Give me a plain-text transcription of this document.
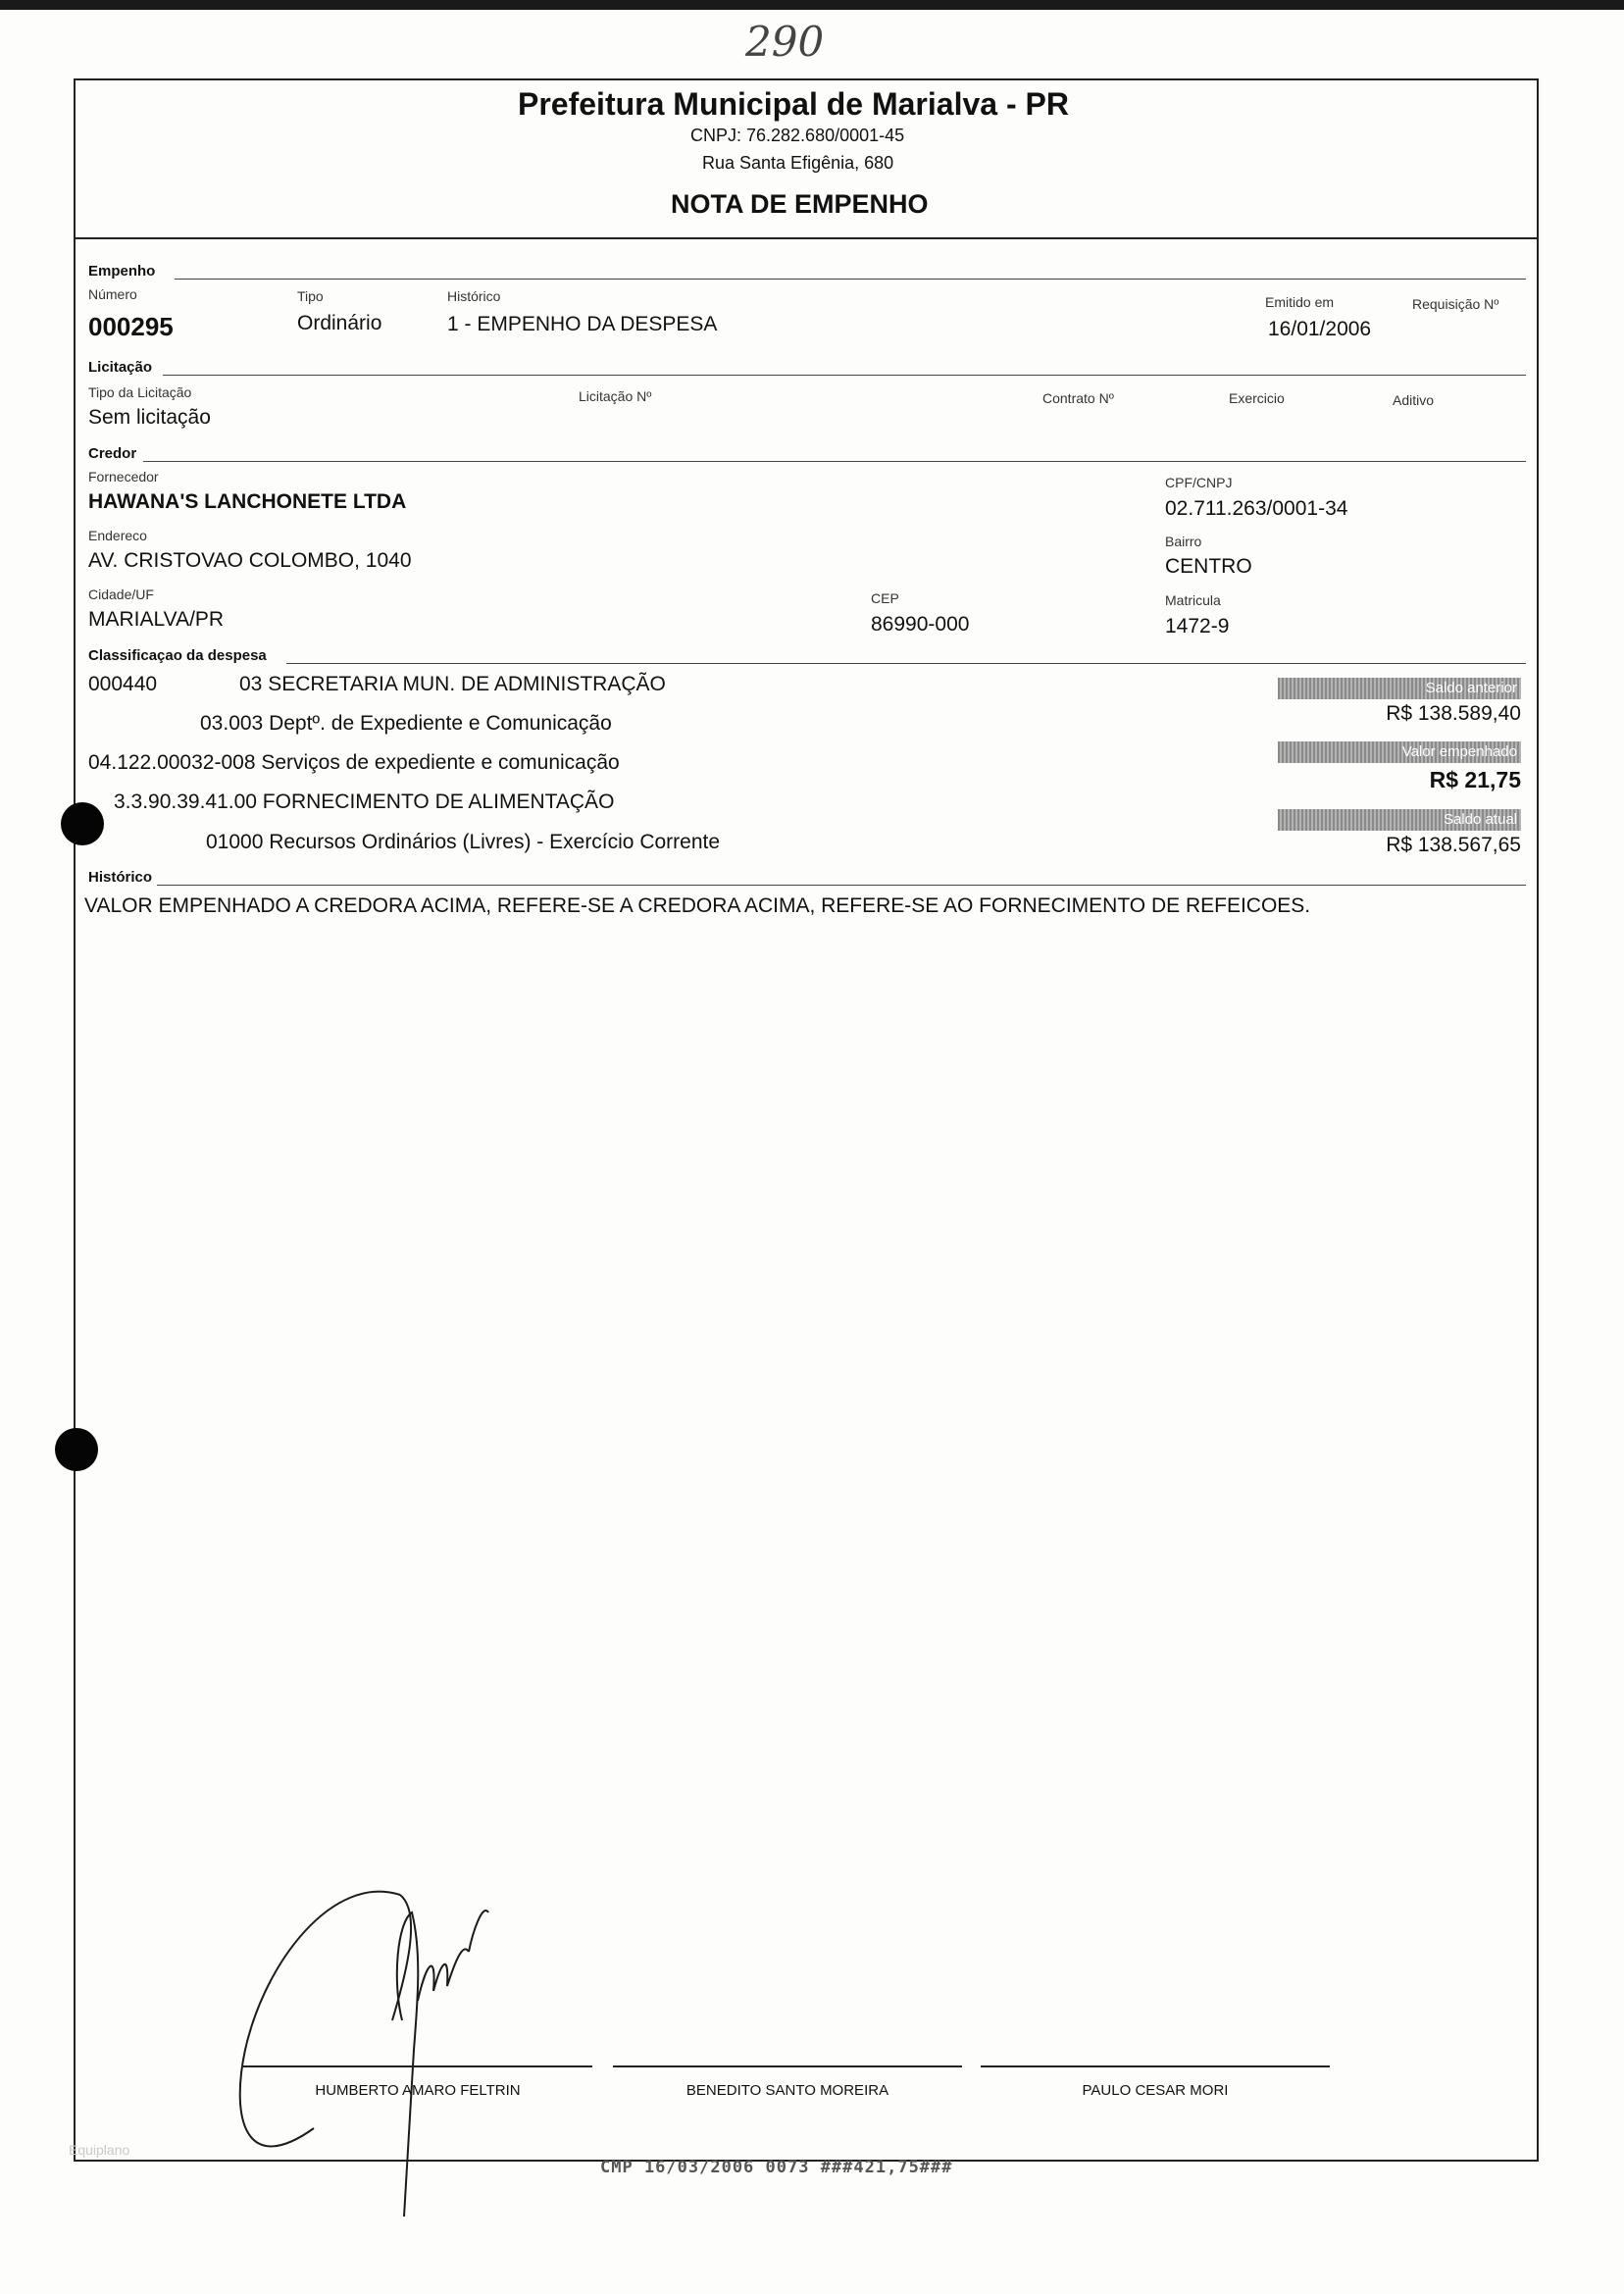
290
Prefeitura Municipal de Marialva - PR
CNPJ: 76.282.680/0001-45
Rua Santa Efigênia, 680
NOTA DE EMPENHO
Empenho
Número
000295
Tipo
Ordinário
Histórico
1 - EMPENHO DA DESPESA
Emitido em
16/01/2006
Requisição Nº
Licitação
Tipo da Licitação
Sem licitação
Licitação Nº	Contrato Nº	Exercicio	Aditivo
Credor
Fornecedor
HAWANA'S LANCHONETE LTDA
CPF/CNPJ
02.711.263/0001-34
Endereco
AV. CRISTOVAO COLOMBO, 1040
Bairro
CENTRO
Cidade/UF
MARIALVA/PR
CEP
86990-000
Matricula
1472-9
Classificaçao da despesa
000440	03 SECRETARIA MUN. DE ADMINISTRAÇÃO
03.003 Deptº. de Expediente e Comunicação
04.122.00032-008 Serviços de expediente e comunicação
3.3.90.39.41.00 FORNECIMENTO DE ALIMENTAÇÃO
01000 Recursos Ordinários (Livres) - Exercício Corrente
Saldo anterior
R$ 138.589,40
Valor empenhado
R$ 21,75
Saldo atual
R$ 138.567,65
Histórico
VALOR EMPENHADO A CREDORA ACIMA, REFERE-SE A CREDORA ACIMA, REFERE-SE AO FORNECIMENTO DE REFEICOES.
HUMBERTO AMARO FELTRIN	BENEDITO SANTO MOREIRA	PAULO CESAR MORI
Equiplano
CMP 16/03/2006 0073 ###421,75###
